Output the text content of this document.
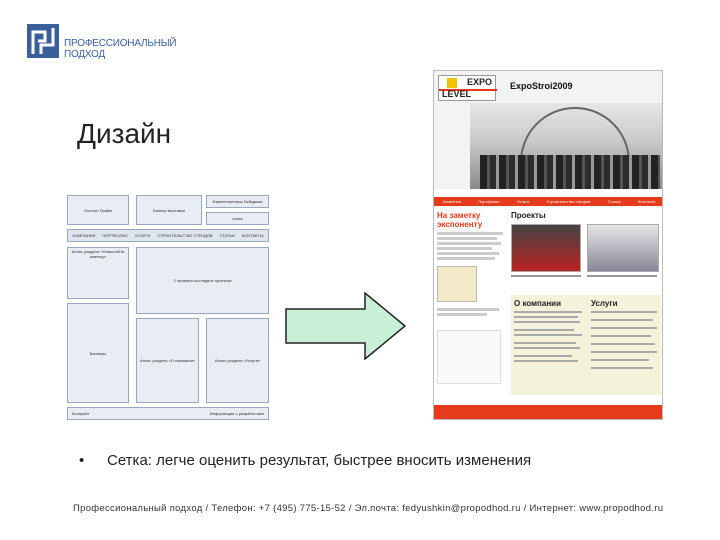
ПРОФЕССИОНАЛЬНЫЙ
ПОДХОД
Дизайн
Логотип Прайм	Баннер выставки
Изменение/язык Бейджика
поиск
КОМПАНИЯ ПОРТФОЛИО УСЛУГИ СТРОИТЕЛЬСТВО СТЕНДОВ СТАТЬИ КОНТАКТЫ
Анонс раздела «Новости/На заметку»
2 примера последних проектов
Баннеры
Анонс раздела «О компании»	Анонс раздела «Услуги»
Копирайт	Информация о разработчике
EXPO
LEVEL
ExpoStroi2009
Компания	Портфолио	Услуги	Строительство стендов	Статьи	Контакты
На заметку экспоненту
Проекты
О компании	Услуги
• Сетка: легче оценить результат, быстрее вносить изменения
Профессиональный подход / Телефон: +7 (495) 775-15-52 / Эл.почта: fedyushkin@propodhod.ru / Интернет: www.propodhod.ru
